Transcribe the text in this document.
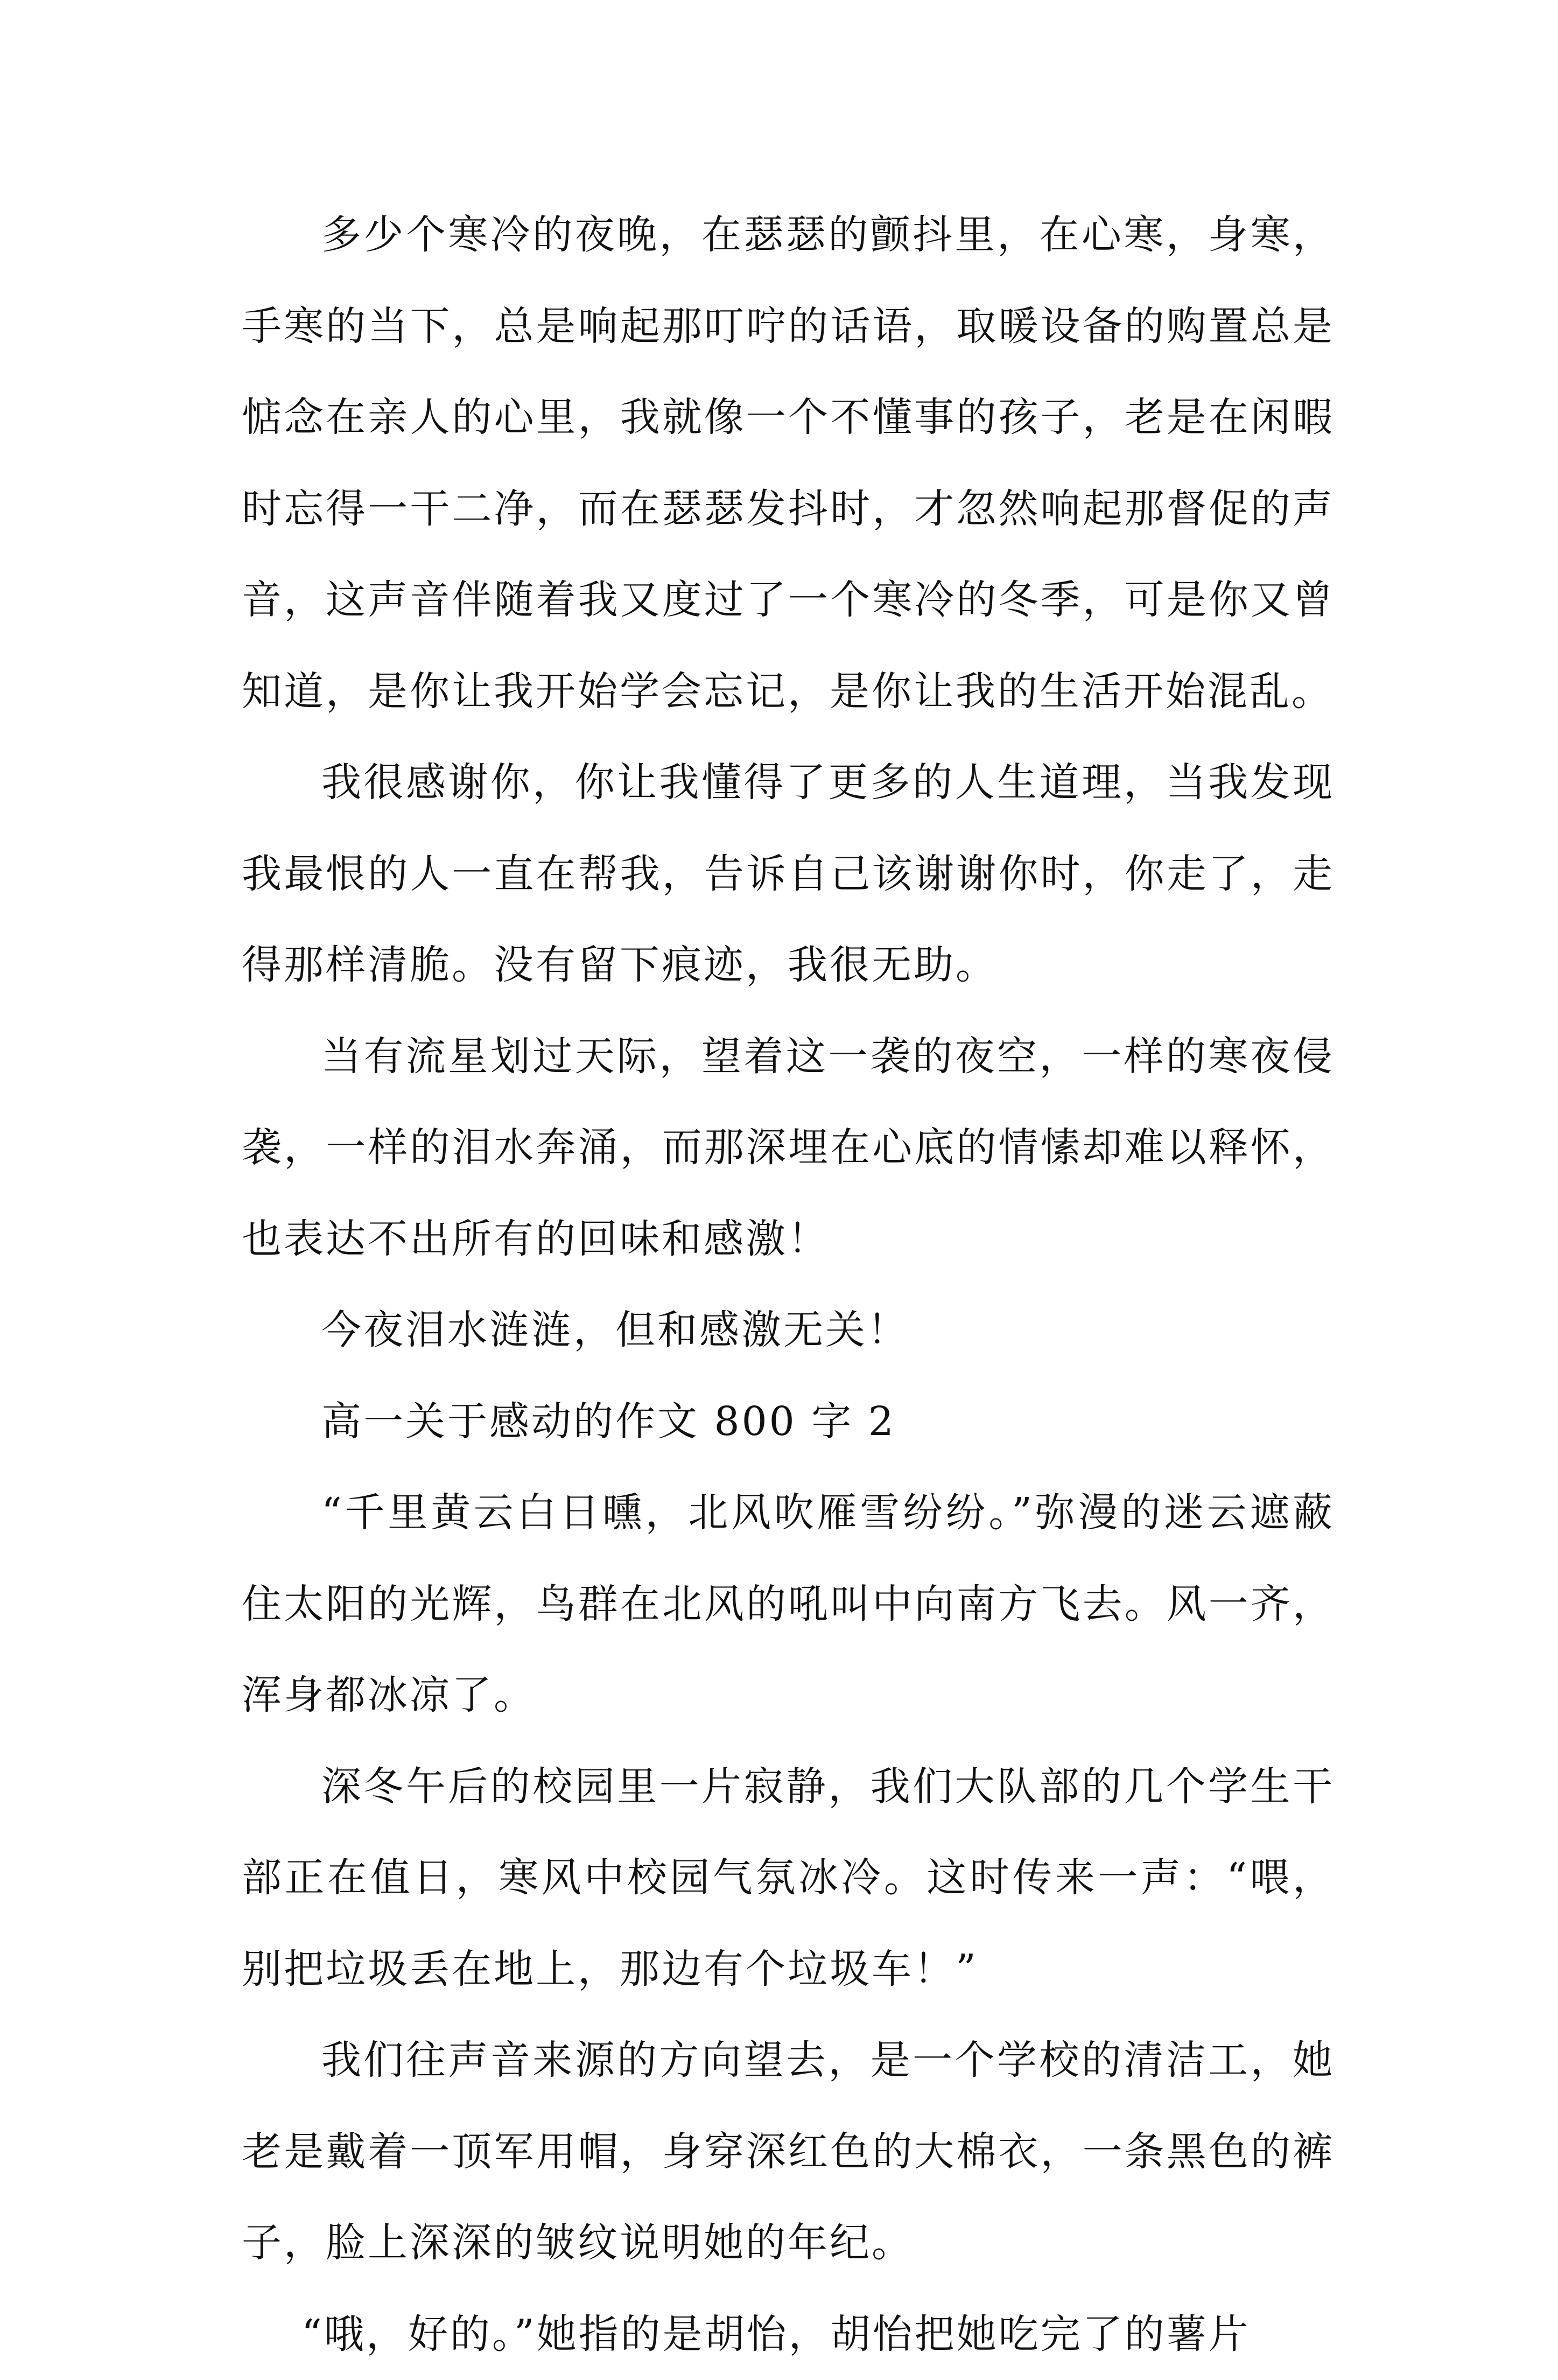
多少个寒冷的夜晚，在瑟瑟的颤抖里，在心寒，身寒，手寒的当下，总是响起那叮咛的话语，取暖设备的购置总是惦念在亲人的心里，我就像一个不懂事的孩子，老是在闲暇时忘得一干二净，而在瑟瑟发抖时，才忽然响起那督促的声音，这声音伴随着我又度过了一个寒冷的冬季，可是你又曾知道，是你让我开始学会忘记，是你让我的生活开始混乱。

我很感谢你，你让我懂得了更多的人生道理，当我发现我最恨的人一直在帮我，告诉自己该谢谢你时，你走了，走得那样清脆。没有留下痕迹，我很无助。

当有流星划过天际，望着这一袭的夜空，一样的寒夜侵袭，一样的泪水奔涌，而那深埋在心底的情愫却难以释怀，也表达不出所有的回味和感激！

今夜泪水涟涟，但和感激无关！

高一关于感动的作文 800 字 2

“千里黄云白日曛，北风吹雁雪纷纷。”弥漫的迷云遮蔽住太阳的光辉，鸟群在北风的吼叫中向南方飞去。风一齐，浑身都冰凉了。

深冬午后的校园里一片寂静，我们大队部的几个学生干部正在值日，寒风中校园气氛冰冷。这时传来一声：“喂，别把垃圾丢在地上，那边有个垃圾车！”

我们往声音来源的方向望去，是一个学校的清洁工，她老是戴着一顶军用帽，身穿深红色的大棉衣，一条黑色的裤子，脸上深深的皱纹说明她的年纪。

“哦，好的。”她指的是胡怡，胡怡把她吃完了的薯片
